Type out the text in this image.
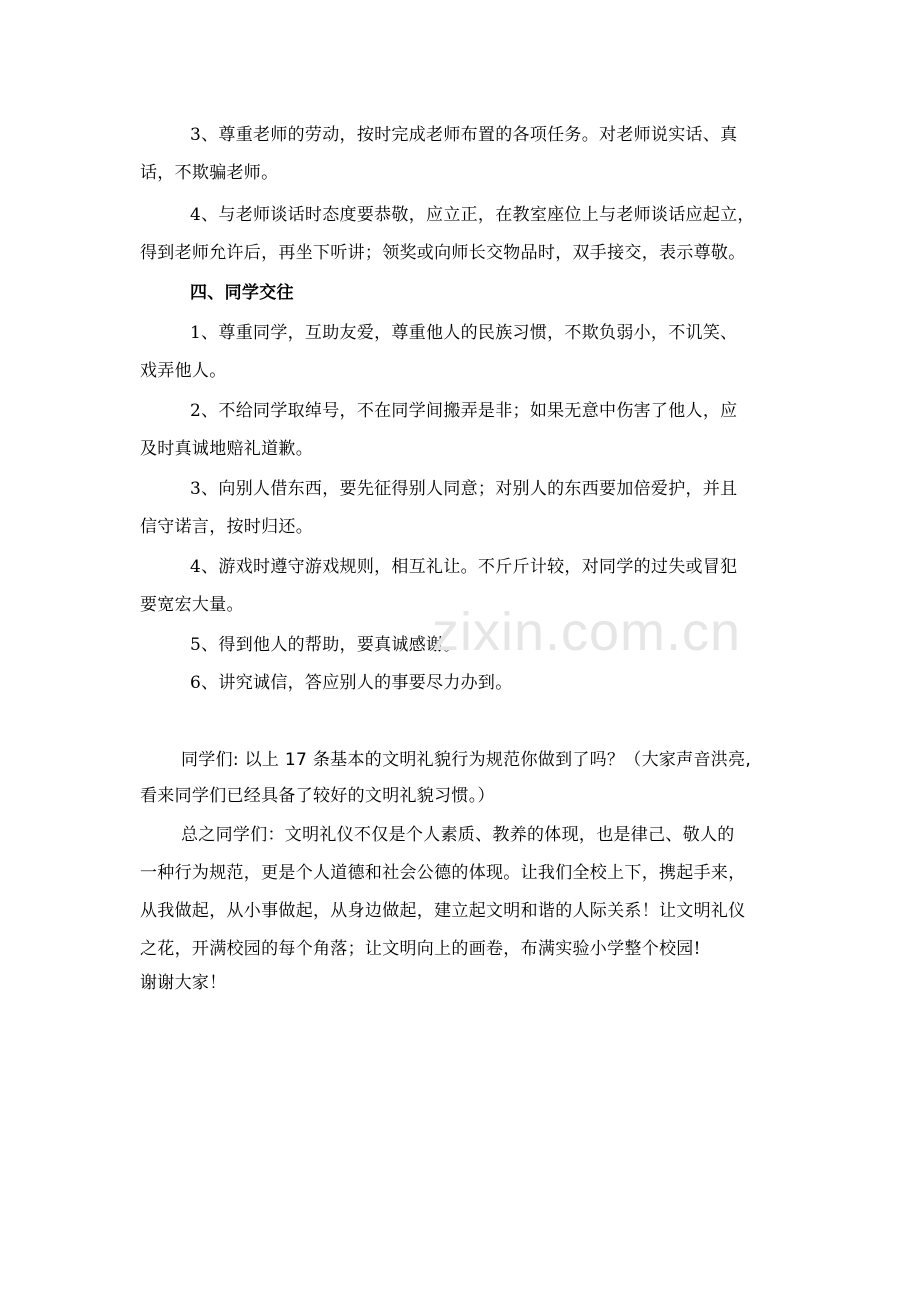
3、尊重老师的劳动，按时完成老师布置的各项任务。对老师说实话、真
话，不欺骗老师。
4、与老师谈话时态度要恭敬，应立正，在教室座位上与老师谈话应起立，
得到老师允许后，再坐下听讲；领奖或向师长交物品时，双手接交，表示尊敬。
四、同学交往
1、尊重同学，互助友爱，尊重他人的民族习惯，不欺负弱小，不讥笑、
戏弄他人。
2、不给同学取绰号，不在同学间搬弄是非；如果无意中伤害了他人，应
及时真诚地赔礼道歉。
3、向别人借东西，要先征得别人同意；对别人的东西要加倍爱护，并且
信守诺言，按时归还。
4、游戏时遵守游戏规则，相互礼让。不斤斤计较，对同学的过失或冒犯
要宽宏大量。
5、得到他人的帮助，要真诚感谢。
6、讲究诚信，答应别人的事要尽力办到。
zixin.com.cn
同学们: 以上 17 条基本的文明礼貌行为规范你做到了吗？（大家声音洪亮,
看来同学们已经具备了较好的文明礼貌习惯。）
总之同学们：文明礼仪不仅是个人素质、教养的体现，也是律己、敬人的
一种行为规范，更是个人道德和社会公德的体现。让我们全校上下，携起手来，
从我做起，从小事做起，从身边做起，建立起文明和谐的人际关系！让文明礼仪
之花，开满校园的每个角落；让文明向上的画卷，布满实验小学整个校园!
谢谢大家！
